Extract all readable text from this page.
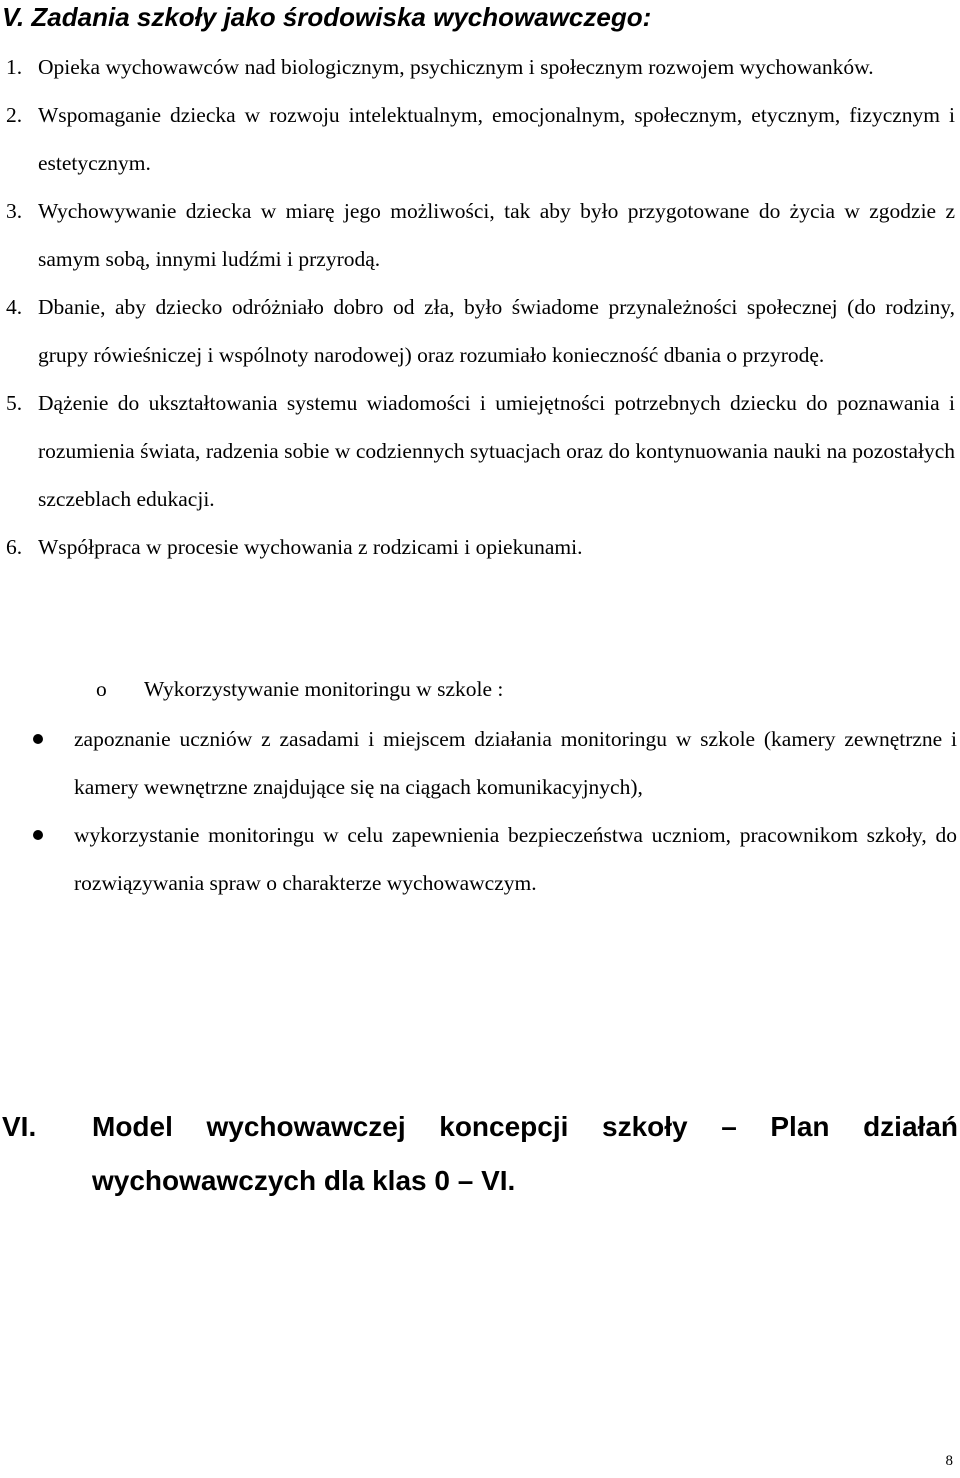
V. Zadania szkoły jako środowiska wychowawczego:
1. Opieka wychowawców nad biologicznym, psychicznym i społecznym rozwojem wychowanków.
2. Wspomaganie dziecka w rozwoju intelektualnym, emocjonalnym, społecznym, etycznym, fizycznym i estetycznym.
3. Wychowywanie dziecka w miarę jego możliwości, tak aby było przygotowane do życia w zgodzie z samym sobą, innymi ludźmi i przyrodą.
4. Dbanie, aby dziecko odróżniało dobro od zła, było świadome przynależności społecznej (do rodziny, grupy rówieśniczej i wspólnoty narodowej) oraz rozumiało konieczność dbania o przyrodę.
5. Dążenie do ukształtowania systemu wiadomości i umiejętności potrzebnych dziecku do poznawania i rozumienia świata, radzenia sobie w codziennych sytuacjach oraz do kontynuowania nauki na pozostałych szczeblach edukacji.
6. Współpraca w procesie wychowania z rodzicami i opiekunami.
o Wykorzystywanie monitoringu w szkole :
zapoznanie uczniów z zasadami i miejscem działania monitoringu w szkole (kamery zewnętrzne i kamery wewnętrzne znajdujące się na ciągach komunikacyjnych),
wykorzystanie monitoringu w celu zapewnienia bezpieczeństwa uczniom, pracownikom szkoły, do rozwiązywania spraw o charakterze wychowawczym.
VI. Model wychowawczej koncepcji szkoły – Plan działań wychowawczych dla klas 0 – VI.
8
